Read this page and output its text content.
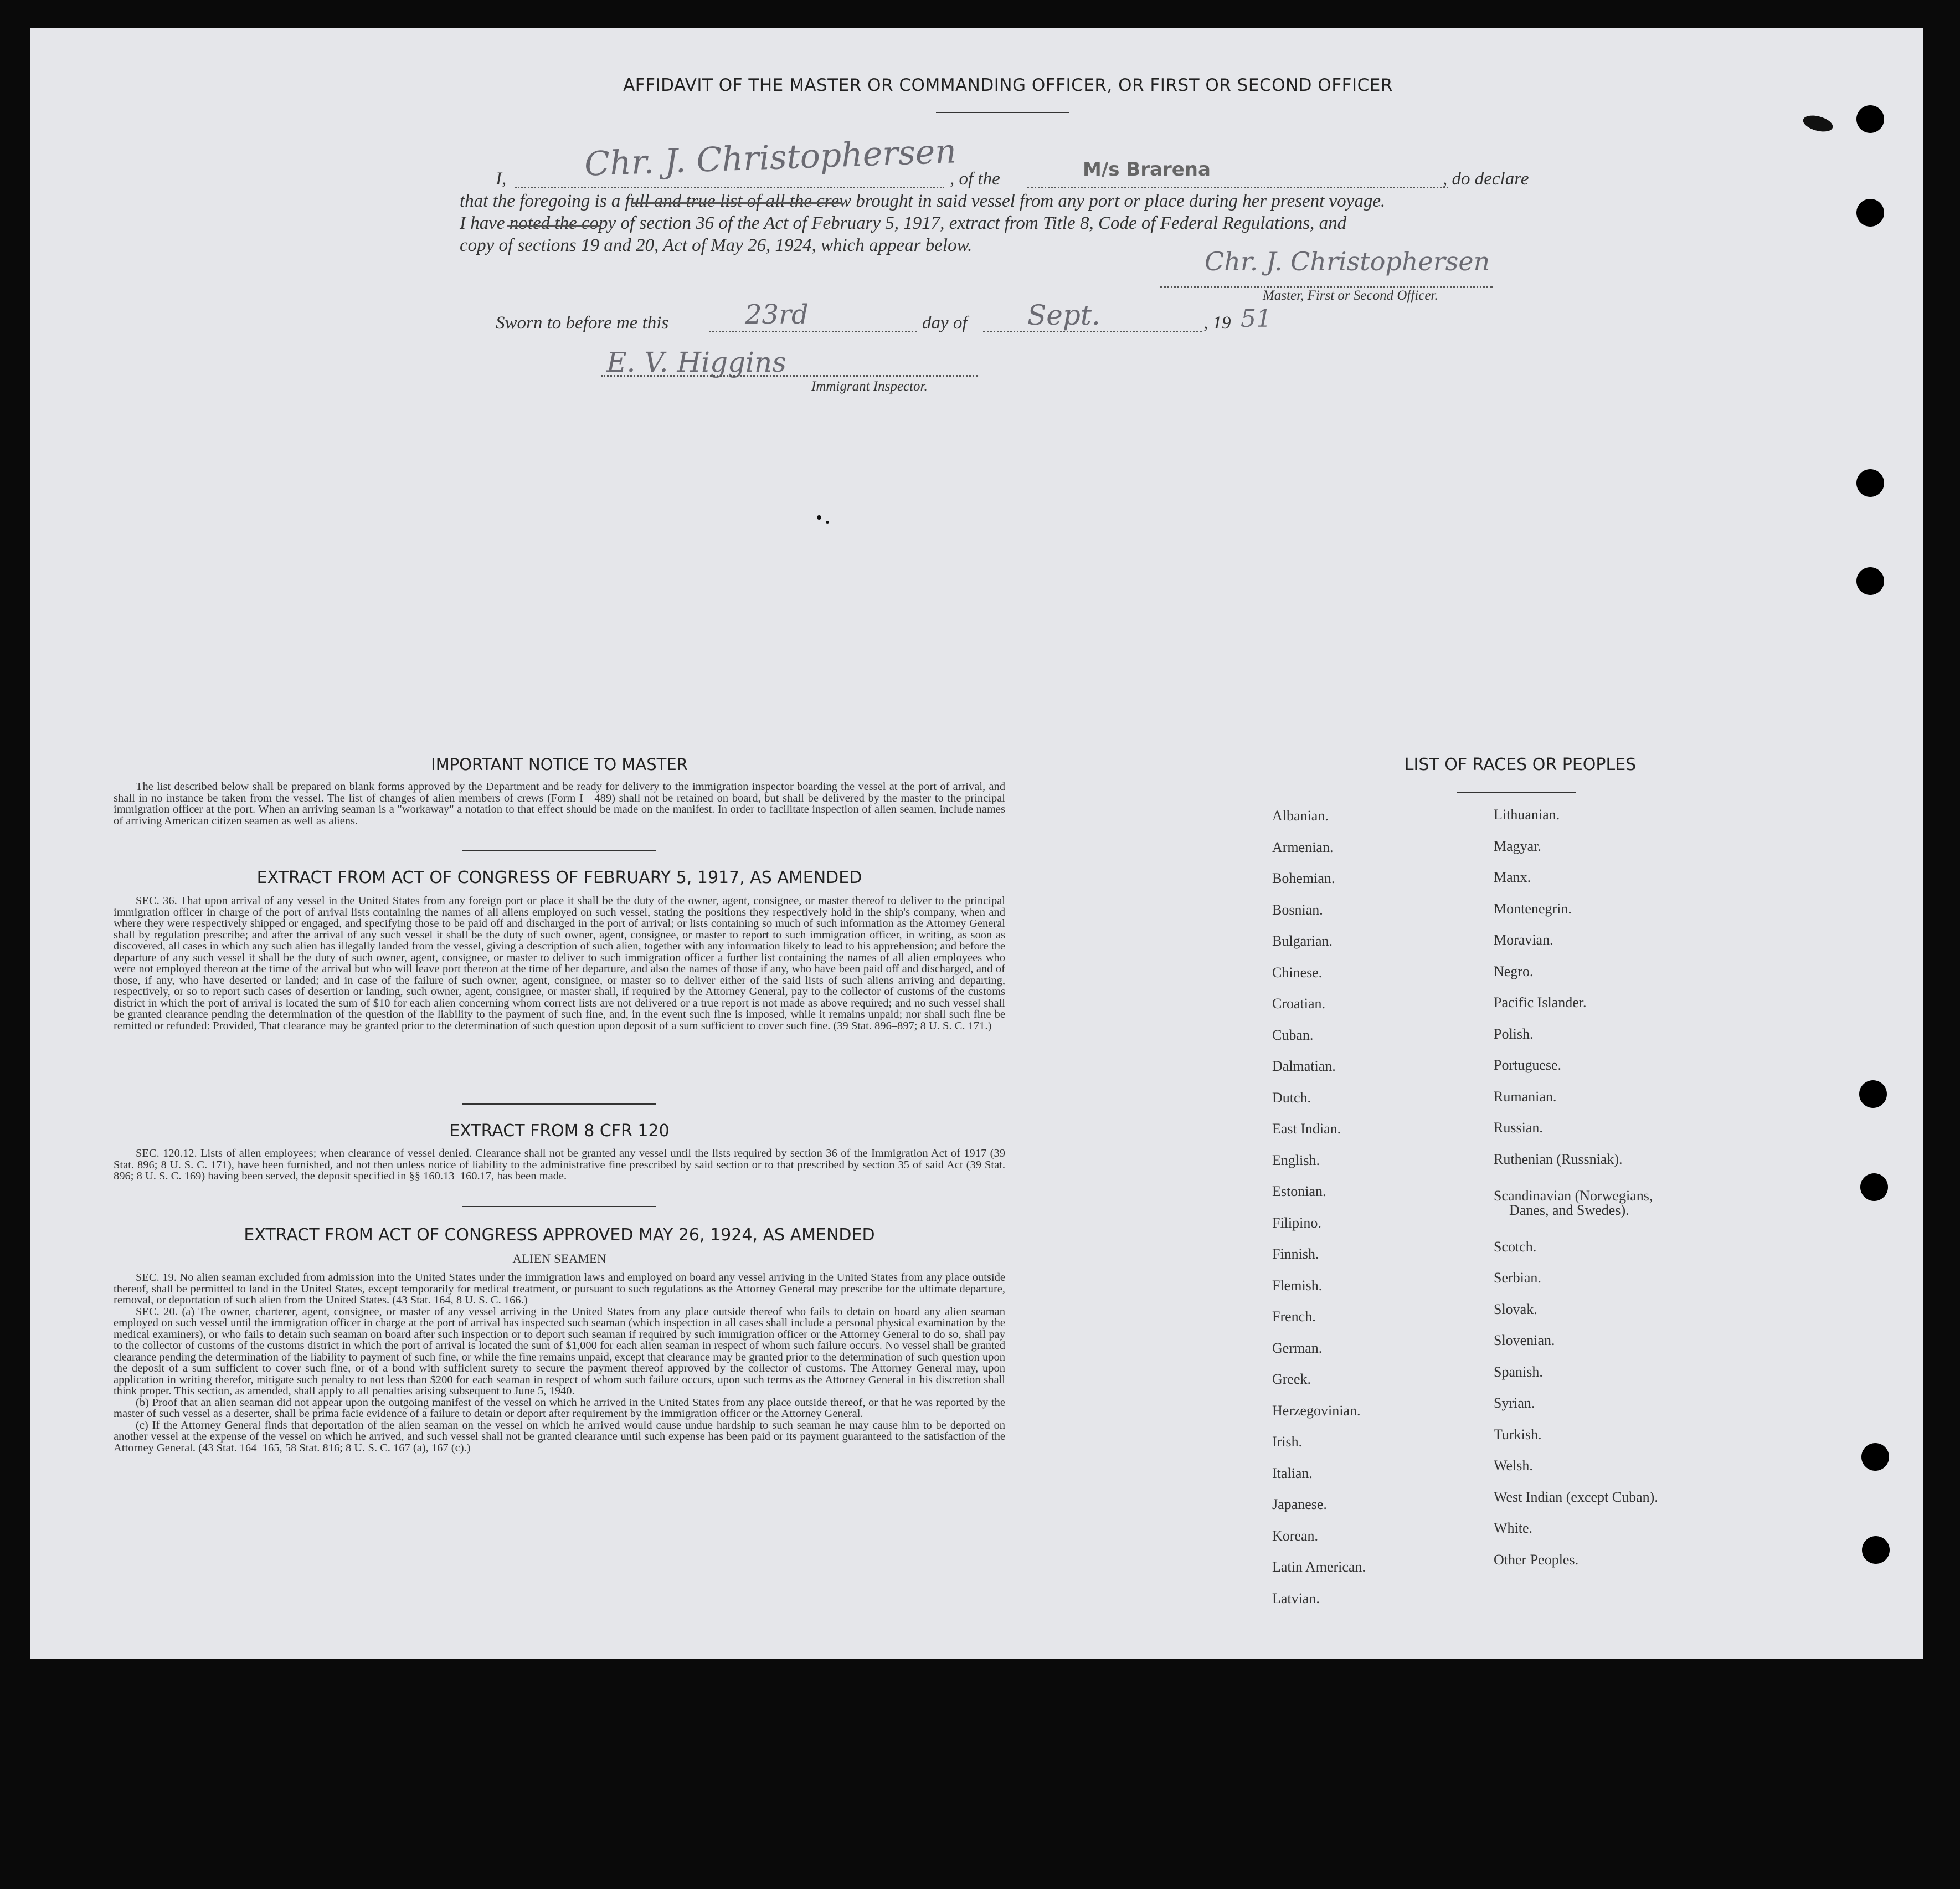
AFFIDAVIT OF THE MASTER OR COMMANDING OFFICER, OR FIRST OR SECOND OFFICER
I, Chr. J. Christophersen
, of the	M/s Brarena	, do declare
that the foregoing is a full and true list of all the crew brought in said vessel from any port or place during her present voyage.
I have noted the copy of section 36 of the Act of February 5, 1917, extract from Title 8, Code of Federal Regulations, and
copy of sections 19 and 20, Act of May 26, 1924, which appear below.
Chr. J. Christophersen
Master, First or Second Officer.
Sworn to before me this	23rd	day of Sept.	, 19 51
E. V. Higgins
Immigrant Inspector.
IMPORTANT NOTICE TO MASTER
The list described below shall be prepared on blank forms approved by the Department and be ready for delivery to the immigration inspector boarding the vessel at the port of arrival, and shall in no instance be taken from the vessel. The list of changes of alien members of crews (Form I—489) shall not be retained on board, but shall be delivered by the master to the principal immigration officer at the port. When an arriving seaman is a "workaway" a notation to that effect should be made on the manifest. In order to facilitate inspection of alien seamen, include names of arriving American citizen seamen as well as aliens.
EXTRACT FROM ACT OF CONGRESS OF FEBRUARY 5, 1917, AS AMENDED
SEC. 36. That upon arrival of any vessel in the United States from any foreign port or place it shall be the duty of the owner, agent, consignee, or master thereof to deliver to the principal immigration officer in charge of the port of arrival lists containing the names of all aliens employed on such vessel, stating the positions they respectively hold in the ship's company, when and where they were respectively shipped or engaged, and specifying those to be paid off and discharged in the port of arrival; or lists containing so much of such information as the Attorney General shall by regulation prescribe; and after the arrival of any such vessel it shall be the duty of such owner, agent, consignee, or master to report to such immigration officer, in writing, as soon as discovered, all cases in which any such alien has illegally landed from the vessel, giving a description of such alien, together with any information likely to lead to his apprehension; and before the departure of any such vessel it shall be the duty of such owner, agent, consignee, or master to deliver to such immigration officer a further list containing the names of all alien employees who were not employed thereon at the time of the arrival but who will leave port thereon at the time of her departure, and also the names of those if any, who have been paid off and discharged, and of those, if any, who have deserted or landed; and in case of the failure of such owner, agent, consignee, or master so to deliver either of the said lists of such aliens arriving and departing, respectively, or so to report such cases of desertion or landing, such owner, agent, consignee, or master shall, if required by the Attorney General, pay to the collector of customs of the customs district in which the port of arrival is located the sum of $10 for each alien concerning whom correct lists are not delivered or a true report is not made as above required; and no such vessel shall be granted clearance pending the determination of the question of the liability to the payment of such fine, and, in the event such fine is imposed, while it remains unpaid; nor shall such fine be remitted or refunded: Provided, That clearance may be granted prior to the determination of such question upon deposit of a sum sufficient to cover such fine. (39 Stat. 896–897; 8 U. S. C. 171.)
EXTRACT FROM 8 CFR 120
SEC. 120.12. Lists of alien employees; when clearance of vessel denied. Clearance shall not be granted any vessel until the lists required by section 36 of the Immigration Act of 1917 (39 Stat. 896; 8 U. S. C. 171), have been furnished, and not then unless notice of liability to the administrative fine prescribed by said section or to that prescribed by section 35 of said Act (39 Stat. 896; 8 U. S. C. 169) having been served, the deposit specified in §§ 160.13–160.17, has been made.
EXTRACT FROM ACT OF CONGRESS APPROVED MAY 26, 1924, AS AMENDED
ALIEN SEAMEN
SEC. 19. No alien seaman excluded from admission into the United States under the immigration laws and employed on board any vessel arriving in the United States from any place outside thereof, shall be permitted to land in the United States, except temporarily for medical treatment, or pursuant to such regulations as the Attorney General may prescribe for the ultimate departure, removal, or deportation of such alien from the United States. (43 Stat. 164, 8 U. S. C. 166.)
SEC. 20. (a) The owner, charterer, agent, consignee, or master of any vessel arriving in the United States from any place outside thereof who fails to detain on board any alien seaman employed on such vessel until the immigration officer in charge at the port of arrival has inspected such seaman (which inspection in all cases shall include a personal physical examination by the medical examiners), or who fails to detain such seaman on board after such inspection or to deport such seaman if required by such immigration officer or the Attorney General to do so, shall pay to the collector of customs of the customs district in which the port of arrival is located the sum of $1,000 for each alien seaman in respect of whom such failure occurs. No vessel shall be granted clearance pending the determination of the liability to payment of such fine, or while the fine remains unpaid, except that clearance may be granted prior to the determination of such question upon the deposit of a sum sufficient to cover such fine, or of a bond with sufficient surety to secure the payment thereof approved by the collector of customs. The Attorney General may, upon application in writing therefor, mitigate such penalty to not less than $200 for each seaman in respect of whom such failure occurs, upon such terms as the Attorney General in his discretion shall think proper. This section, as amended, shall apply to all penalties arising subsequent to June 5, 1940.
(b) Proof that an alien seaman did not appear upon the outgoing manifest of the vessel on which he arrived in the United States from any place outside thereof, or that he was reported by the master of such vessel as a deserter, shall be prima facie evidence of a failure to detain or deport after requirement by the immigration officer or the Attorney General.
(c) If the Attorney General finds that deportation of the alien seaman on the vessel on which he arrived would cause undue hardship to such seaman he may cause him to be deported on another vessel at the expense of the vessel on which he arrived, and such vessel shall not be granted clearance until such expense has been paid or its payment guaranteed to the satisfaction of the Attorney General. (43 Stat. 164–165, 58 Stat. 816; 8 U. S. C. 167 (a), 167 (c).)
LIST OF RACES OR PEOPLES
Albanian.
Armenian.
Bohemian.
Bosnian.
Bulgarian.
Chinese.
Croatian.
Cuban.
Dalmatian.
Dutch.
East Indian.
English.
Estonian.
Filipino.
Finnish.
Flemish.
French.
German.
Greek.
Herzegovinian.
Irish.
Italian.
Japanese.
Korean.
Latin American.
Latvian.
Lithuanian.
Magyar.
Manx.
Montenegrin.
Moravian.
Negro.
Pacific Islander.
Polish.
Portuguese.
Rumanian.
Russian.
Ruthenian (Russniak).
Scandinavian (Norwegians,
Danes, and Swedes).
Scotch.
Serbian.
Slovak.
Slovenian.
Spanish.
Syrian.
Turkish.
Welsh.
West Indian (except Cuban).
White.
Other Peoples.
